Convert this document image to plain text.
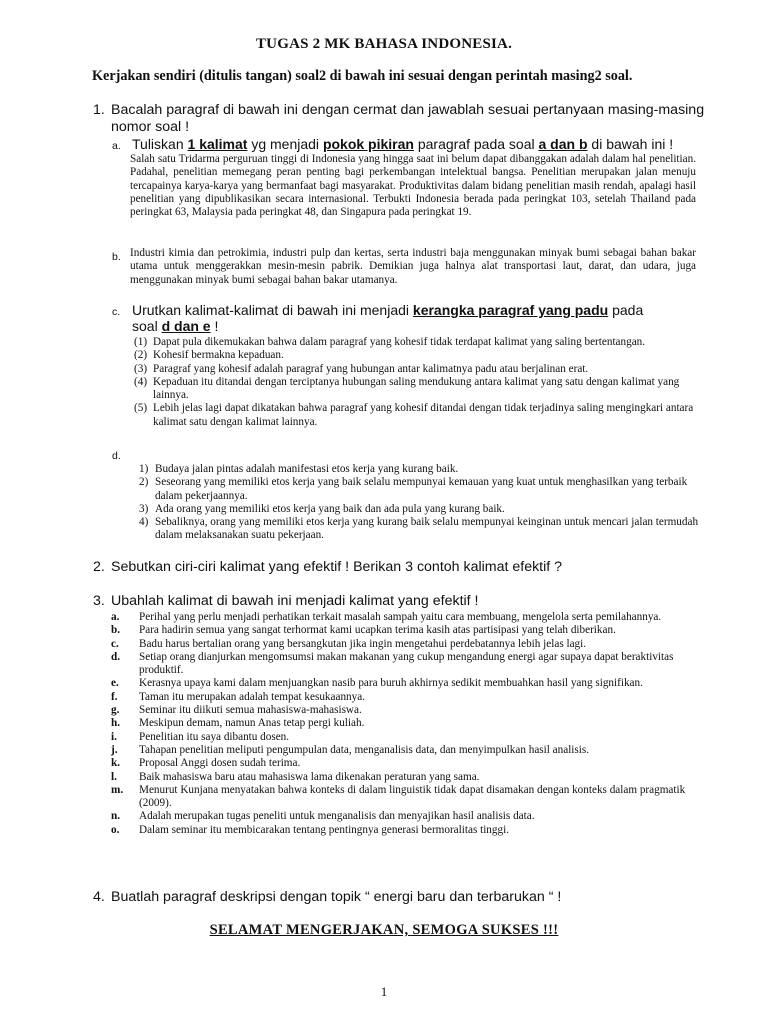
TUGAS 2 MK BAHASA INDONESIA.
Kerjakan sendiri (ditulis tangan) soal2 di bawah ini sesuai dengan perintah masing2 soal.
1. Bacalah paragraf di bawah ini dengan cermat dan jawablah sesuai pertanyaan masing-masing nomor soal !
a. Tuliskan 1 kalimat yg menjadi pokok pikiran paragraf pada soal a dan b di bawah ini !
Salah satu Tridarma perguruan tinggi di Indonesia yang hingga saat ini belum dapat dibanggakan adalah dalam hal penelitian. Padahal, penelitian memegang peran penting bagi perkembangan intelektual bangsa. Penelitian merupakan jalan menuju tercapainya karya-karya yang bermanfaat bagi masyarakat. Produktivitas dalam bidang penelitian masih rendah, apalagi hasil penelitian yang dipublikasikan secara internasional. Terbukti Indonesia berada pada peringkat 103, setelah Thailand pada peringkat 63, Malaysia pada peringkat 48, dan Singapura pada peringkat 19.
b. Industri kimia dan petrokimia, industri pulp dan kertas, serta industri baja menggunakan minyak bumi sebagai bahan bakar utama untuk menggerakkan mesin-mesin pabrik. Demikian juga halnya alat transportasi laut, darat, dan udara, juga menggunakan minyak bumi sebagai bahan bakar utamanya.
c. Urutkan kalimat-kalimat di bawah ini menjadi kerangka paragraf yang padu pada soal d dan e !
(1) Dapat pula dikemukakan bahwa dalam paragraf yang kohesif tidak terdapat kalimat yang saling bertentangan.
(2) Kohesif bermakna kepaduan.
(3) Paragraf yang kohesif adalah paragraf yang hubungan antar kalimatnya padu atau berjalinan erat.
(4) Kepaduan itu ditandai dengan terciptanya hubungan saling mendukung antara kalimat yang satu dengan kalimat yang lainnya.
(5) Lebih jelas lagi dapat dikatakan bahwa paragraf yang kohesif ditandai dengan tidak terjadinya saling mengingkari antara kalimat satu dengan kalimat lainnya.
d.
1) Budaya jalan pintas adalah manifestasi etos kerja yang kurang baik.
2) Seseorang yang memiliki etos kerja yang baik selalu mempunyai kemauan yang kuat untuk menghasilkan yang terbaik dalam pekerjaannya.
3) Ada orang yang memiliki etos kerja yang baik dan ada pula yang kurang baik.
4) Sebaliknya, orang yang memiliki etos kerja yang kurang baik selalu mempunyai keinginan untuk mencari jalan termudah dalam melaksanakan suatu pekerjaan.
2. Sebutkan ciri-ciri kalimat yang efektif ! Berikan 3 contoh kalimat efektif ?
3. Ubahlah kalimat di bawah ini menjadi kalimat yang efektif !
a. Perihal yang perlu menjadi perhatikan terkait masalah sampah yaitu cara membuang, mengelola serta pemilahannya.
b. Para hadirin semua yang sangat terhormat kami ucapkan terima kasih atas partisipasi yang telah diberikan.
c. Badu harus bertalian orang yang bersangkutan jika ingin mengetahui perdebatannya lebih jelas lagi.
d. Setiap orang dianjurkan mengomsumsi makan makanan yang cukup mengandung energi agar supaya dapat beraktivitas produktif.
e. Kerasnya upaya kami dalam menjuangkan nasib para buruh akhirnya sedikit membuahkan hasil yang signifikan.
f. Taman itu merupakan adalah tempat kesukaannya.
g. Seminar itu diikuti semua mahasiswa-mahasiswa.
h. Meskipun demam, namun Anas tetap pergi kuliah.
i. Penelitian itu saya dibantu dosen.
j. Tahapan penelitian meliputi pengumpulan data, menganalisis data, dan menyimpulkan hasil analisis.
k. Proposal Anggi dosen sudah terima.
l. Baik mahasiswa baru atau mahasiswa lama dikenakan peraturan yang sama.
m. Menurut Kunjana menyatakan bahwa konteks di dalam linguistik tidak dapat disamakan dengan konteks dalam pragmatik (2009).
n. Adalah merupakan tugas peneliti untuk menganalisis dan menyajikan hasil analisis data.
o. Dalam seminar itu membicarakan tentang pentingnya generasi bermoralitas tinggi.
4. Buatlah paragraf deskripsi dengan topik “ energi baru dan terbarukan “ !
SELAMAT MENGERJAKAN, SEMOGA SUKSES !!!
1
